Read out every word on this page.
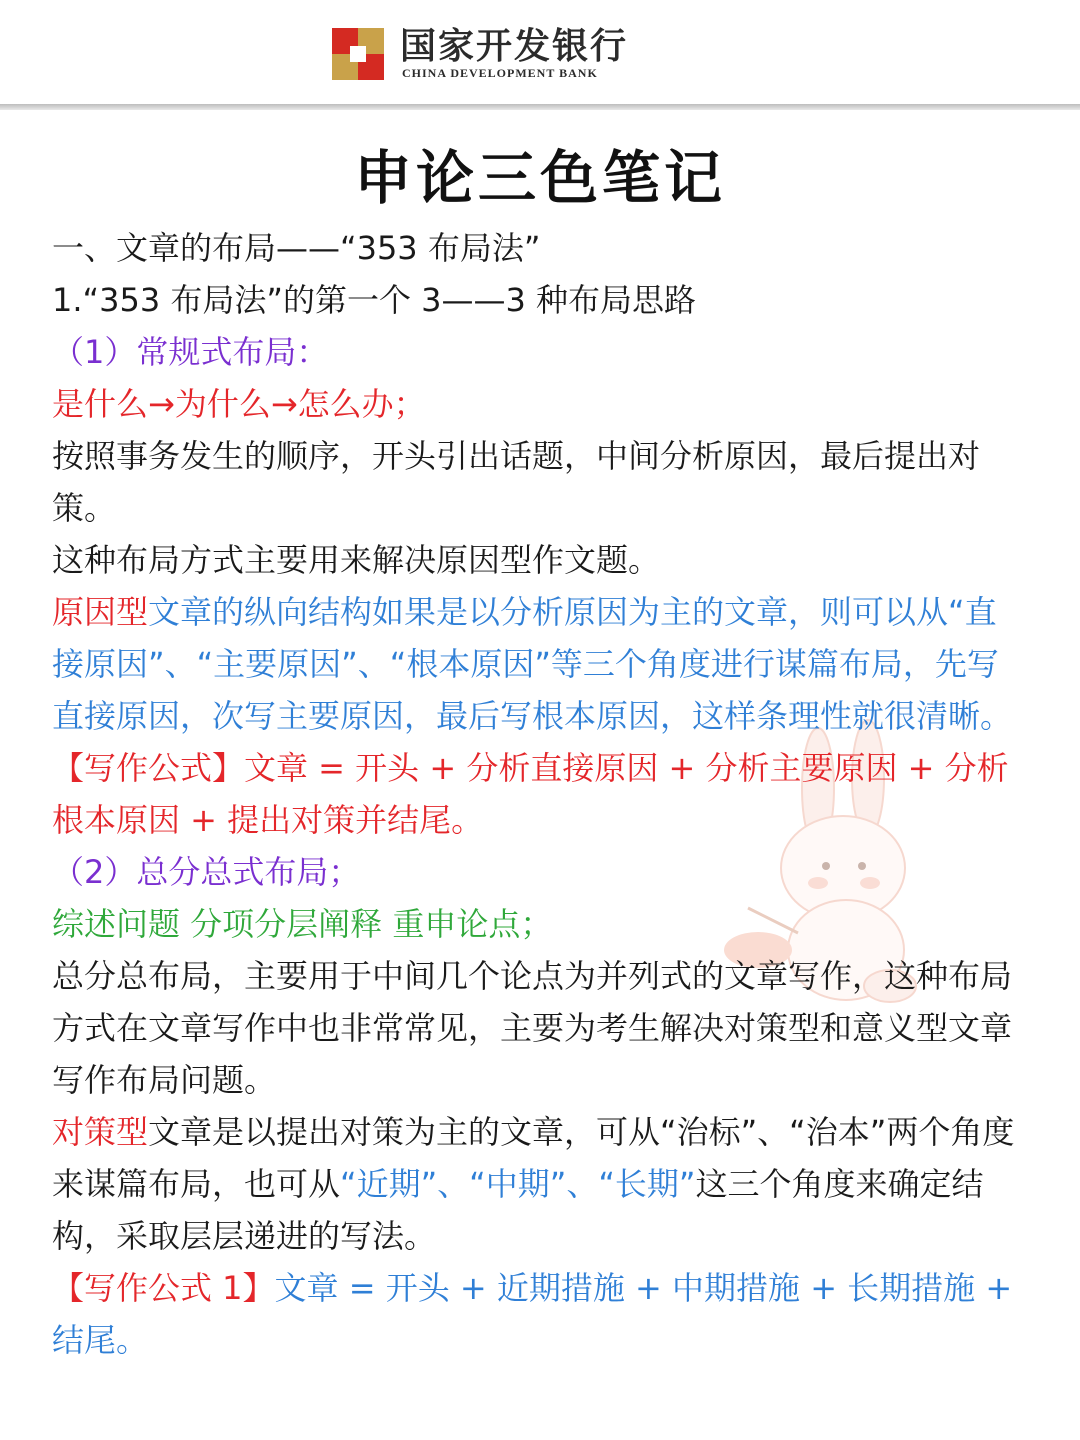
国家开发银行
CHINA DEVELOPMENT BANK
申论三色笔记

一、文章的布局——“353 布局法”

1.“353 布局法”的第一个 3——3 种布局思路

（1）常规式布局：

是什么→为什么→怎么办；

按照事务发生的顺序，开头引出话题，中间分析原因，最后提出对策。

这种布局方式主要用来解决原因型作文题。

原因型文章的纵向结构如果是以分析原因为主的文章，则可以从“直接原因”、“主要原因”、“根本原因”等三个角度进行谋篇布局，先写直接原因，次写主要原因，最后写根本原因，这样条理性就很清晰。

【写作公式】文章 = 开头 + 分析直接原因 + 分析主要原因 + 分析根本原因 + 提出对策并结尾。

（2）总分总式布局；

综述问题 分项分层阐释 重申论点；

总分总布局，主要用于中间几个论点为并列式的文章写作，这种布局方式在文章写作中也非常常见，主要为考生解决对策型和意义型文章写作布局问题。

对策型文章是以提出对策为主的文章，可从“治标”、“治本”两个角度来谋篇布局，也可从“近期”、“中期”、“长期”这三个角度来确定结构，采取层层递进的写法。

【写作公式 1】文章 = 开头 + 近期措施 + 中期措施 + 长期措施 + 结尾。
